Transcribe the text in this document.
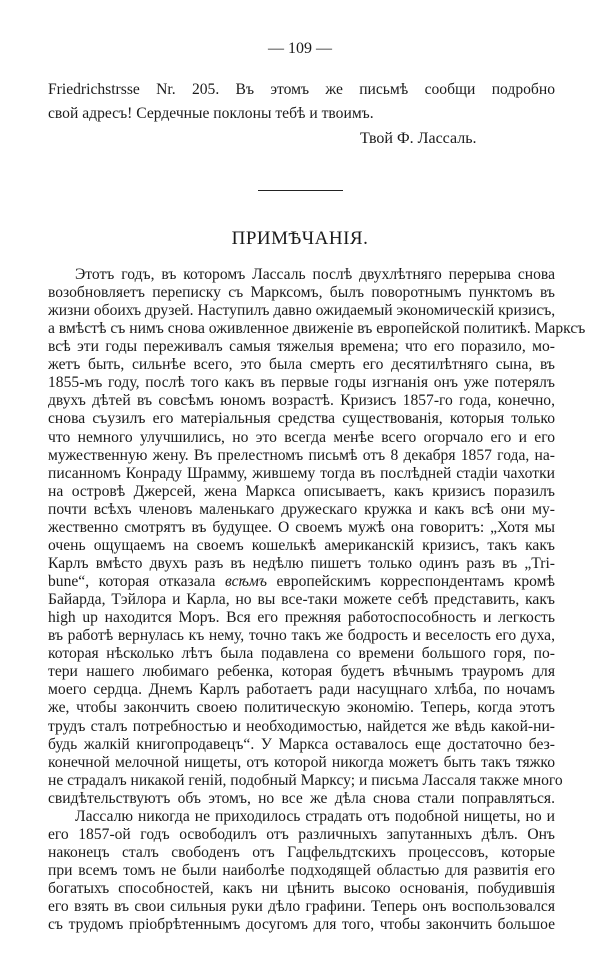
— 109 —
Friedrichstrsse Nr. 205. Въ этомъ же письмѣ сообщи подробно
свой адресъ! Сердечные поклоны тебѣ и твоимъ.
Твой Ф. Лассаль.
ПРИМѢЧАНІЯ.
Этотъ годъ, въ которомъ Лассаль послѣ двухлѣтняго перерыва снова
возобновляетъ переписку съ Марксомъ, былъ поворотнымъ пунктомъ въ
жизни обоихъ друзей. Наступилъ давно ожидаемый экономическій кризисъ,
а вмѣстѣ съ нимъ снова оживленное движеніе въ европейской политикѣ. Марксъ
всѣ эти годы переживалъ самыя тяжелыя времена; что его поразило, мо-
жетъ быть, сильнѣе всего, это была смерть его десятилѣтняго сына, въ
1855-мъ году, послѣ того какъ въ первые годы изгнанія онъ уже потерялъ
двухъ дѣтей въ совсѣмъ юномъ возрастѣ. Кризисъ 1857-го года, конечно,
снова съузилъ его матеріальныя средства существованія, которыя только
что немного улучшились, но это всегда менѣе всего огорчало его и его
мужественную жену. Въ прелестномъ письмѣ отъ 8 декабря 1857 года, на-
писанномъ Конраду Шрамму, жившему тогда въ послѣдней стадіи чахотки
на островѣ Джерсей, жена Маркса описываетъ, какъ кризисъ поразилъ
почти всѣхъ членовъ маленькаго дружескаго кружка и какъ всѣ они му-
жественно смотрятъ въ будущее. О своемъ мужѣ она говоритъ: „Хотя мы
очень ощущаемъ на своемъ кошелькѣ американскій кризисъ, такъ какъ
Карлъ вмѣсто двухъ разъ въ недѣлю пишетъ только одинъ разъ въ „Tri-
bune“, которая отказала всѣмъ европейскимъ корреспондентамъ кромѣ
Байарда, Тэйлора и Карла, но вы все-таки можете себѣ представить, какъ
high up находится Моръ. Вся его прежняя работоспособность и легкость
въ работѣ вернулась къ нему, точно такъ же бодрость и веселость его духа,
которая нѣсколько лѣтъ была подавлена со времени большого горя, по-
тери нашего любимаго ребенка, которая будетъ вѣчнымъ трауромъ для
моего сердца. Днемъ Карлъ работаетъ ради насущнаго хлѣба, по ночамъ
же, чтобы закончить своею политическую экономію. Теперь, когда этотъ
трудъ сталъ потребностью и необходимостью, найдется же вѣдь какой-ни-
будь жалкій книгопродавецъ“. У Маркса оставалось еще достаточно без-
конечной мелочной нищеты, отъ которой никогда можетъ быть такъ тяжко
не страдалъ никакой геній, подобный Марксу; и письма Лассаля также много
свидѣтельствуютъ объ этомъ, но все же дѣла снова стали поправляться.
Лассалю никогда не приходилось страдать отъ подобной нищеты, но и
его 1857-ой годъ освободилъ отъ различныхъ запутанныхъ дѣлъ. Онъ
наконецъ сталъ свободенъ отъ Гацфельдтскихъ процессовъ, которые
при всемъ томъ не были наиболѣе подходящей областью для развитія его
богатыхъ способностей, какъ ни цѣнить высоко основанія, побудившія
его взять въ свои сильныя руки дѣло графини. Теперь онъ воспользовался
съ трудомъ пріобрѣтеннымъ досугомъ для того, чтобы закончить большое
